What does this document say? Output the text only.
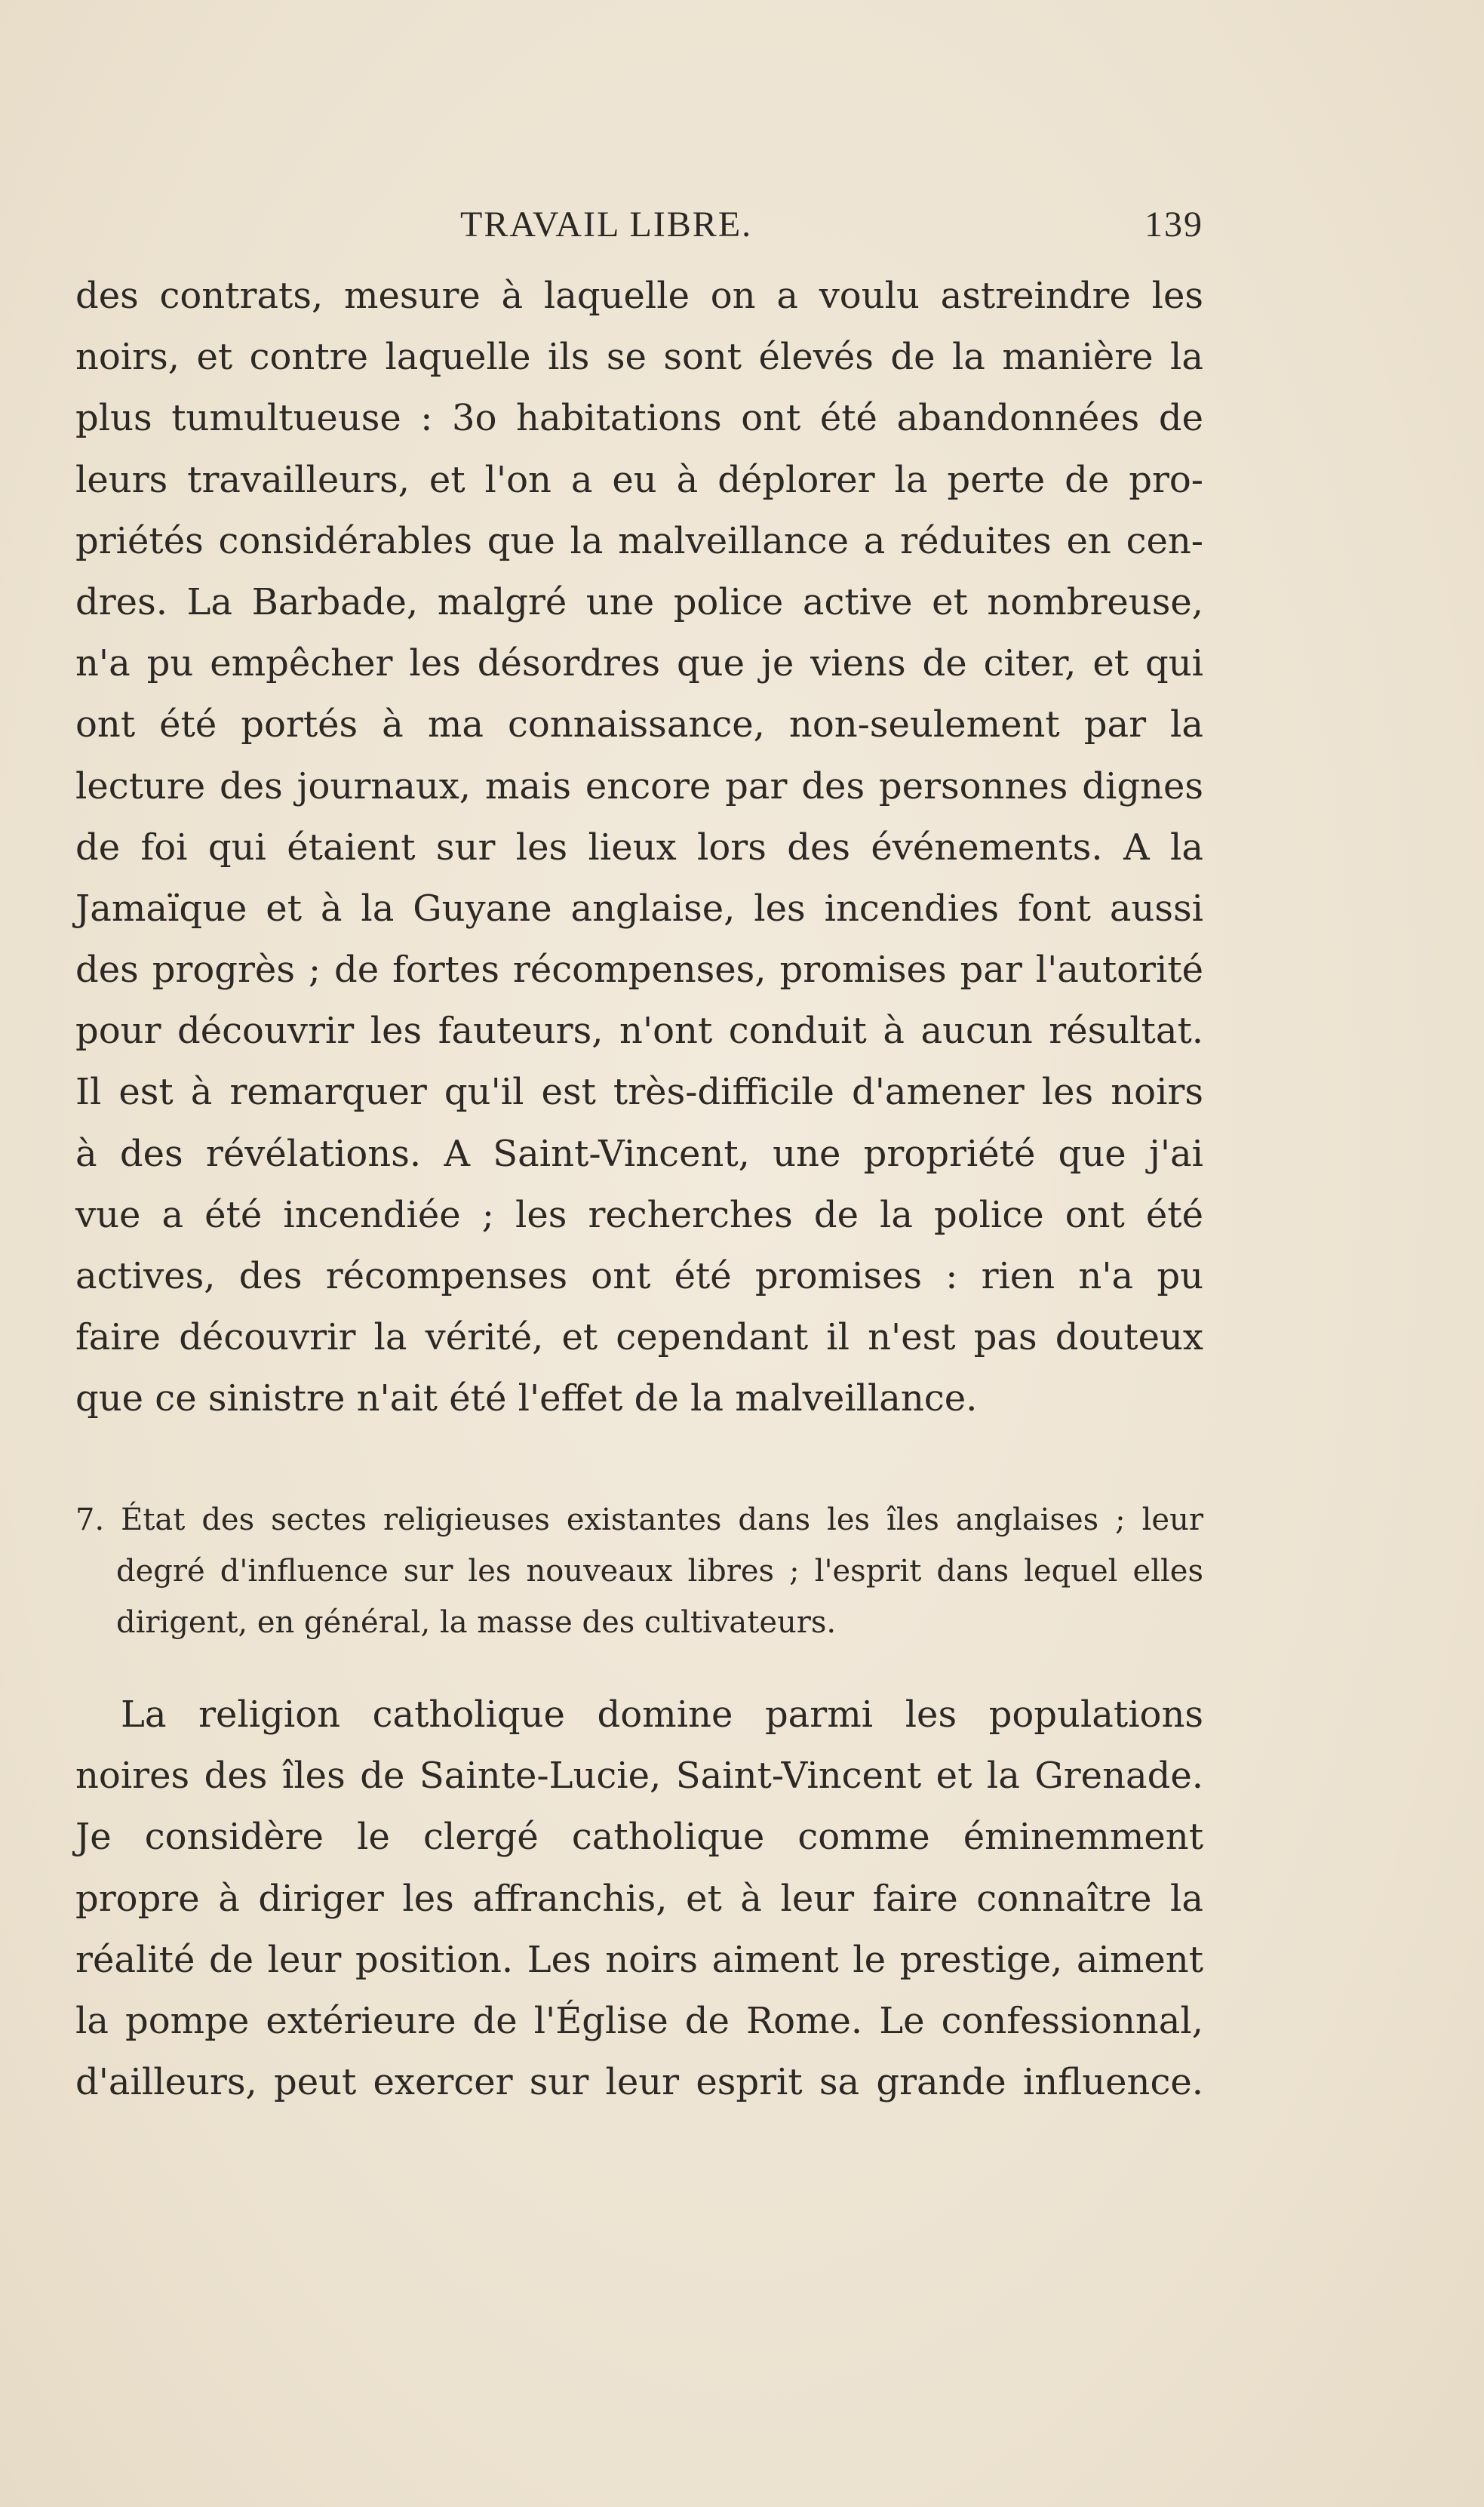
TRAVAIL LIBRE.	139
des contrats, mesure à laquelle on a voulu astreindre les
noirs, et contre laquelle ils se sont élevés de la manière la
plus tumultueuse : 3o habitations ont été abandonnées de
leurs travailleurs, et l'on a eu à déplorer la perte de pro-
priétés considérables que la malveillance a réduites en cen-
dres. La Barbade, malgré une police active et nombreuse,
n'a pu empêcher les désordres que je viens de citer, et qui
ont été portés à ma connaissance, non-seulement par la
lecture des journaux, mais encore par des personnes dignes
de foi qui étaient sur les lieux lors des événements. A la
Jamaïque et à la Guyane anglaise, les incendies font aussi
des progrès ; de fortes récompenses, promises par l'autorité
pour découvrir les fauteurs, n'ont conduit à aucun résultat.
Il est à remarquer qu'il est très-difficile d'amener les noirs
à des révélations. A Saint-Vincent, une propriété que j'ai
vue a été incendiée ; les recherches de la police ont été
actives, des récompenses ont été promises : rien n'a pu
faire découvrir la vérité, et cependant il n'est pas douteux
que ce sinistre n'ait été l'effet de la malveillance.
7. État des sectes religieuses existantes dans les îles anglaises ; leur
degré d'influence sur les nouveaux libres ; l'esprit dans lequel elles
dirigent, en général, la masse des cultivateurs.
La religion catholique domine parmi les populations
noires des îles de Sainte-Lucie, Saint-Vincent et la Grenade.
Je considère le clergé catholique comme éminemment
propre à diriger les affranchis, et à leur faire connaître la
réalité de leur position. Les noirs aiment le prestige, aiment
la pompe extérieure de l'Église de Rome. Le confessionnal,
d'ailleurs, peut exercer sur leur esprit sa grande influence.
